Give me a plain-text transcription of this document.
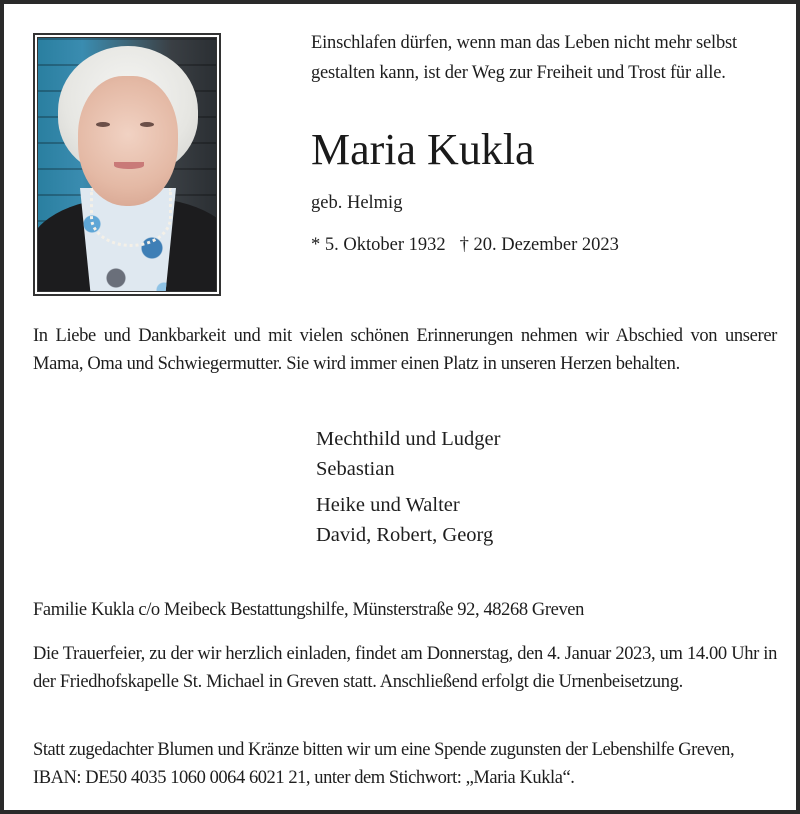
Einschlafen dürfen, wenn man das Leben nicht mehr selbst
gestalten kann, ist der Weg zur Freiheit und Trost für alle.

Maria Kukla
geb. Helmig
* 5. Oktober 1932 † 20. Dezember 2023

In Liebe und Dankbarkeit und mit vielen schönen Erinnerungen nehmen wir Abschied von unserer Mama, Oma und Schwiegermutter. Sie wird immer einen Platz in unseren Herzen behalten.

Mechthild und Ludger
Sebastian
Heike und Walter
David, Robert, Georg

Familie Kukla c/o Meibeck Bestattungshilfe, Münsterstraße 92, 48268 Greven

Die Trauerfeier, zu der wir herzlich einladen, findet am Donnerstag, den 4. Januar 2023, um 14.00 Uhr in der Friedhofskapelle St. Michael in Greven statt. Anschließend erfolgt die Urnenbeisetzung.

Statt zugedachter Blumen und Kränze bitten wir um eine Spende zugunsten der Lebenshilfe Greven, IBAN: DE50 4035 1060 0064 6021 21, unter dem Stichwort: „Maria Kukla“.
